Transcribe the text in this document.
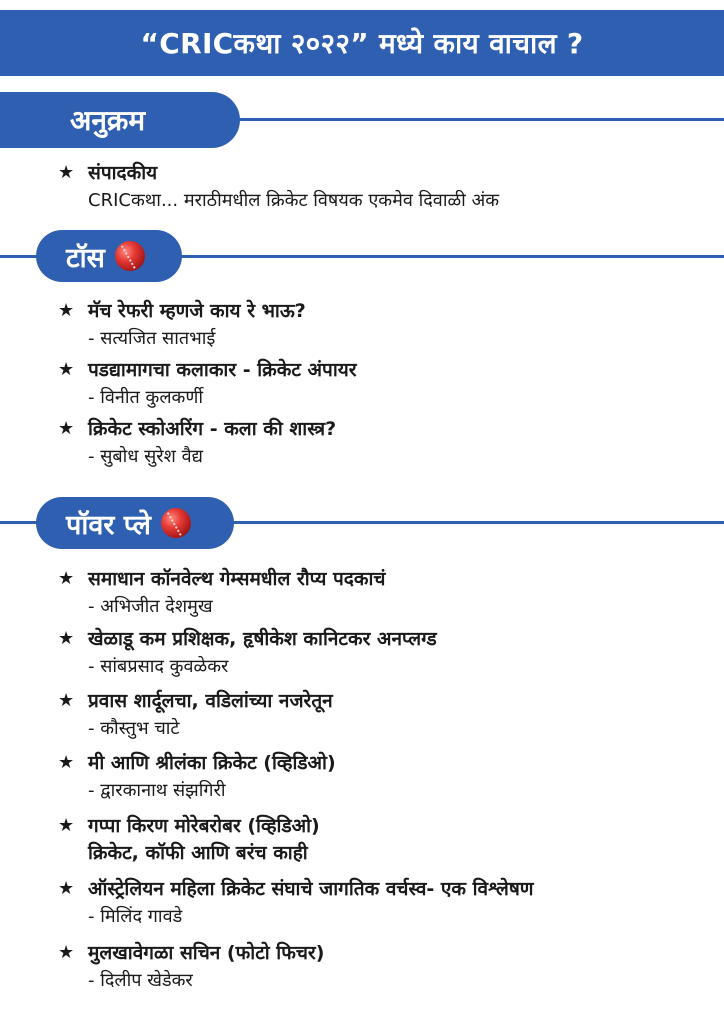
“CRICकथा २०२२” मध्ये काय वाचाल ?
अनुक्रम
★ संपादकीय
CRICकथा... मराठीमधील क्रिकेट विषयक एकमेव दिवाळी अंक
टॉस
★ मॅच रेफरी म्हणजे काय रे भाऊ?
- सत्यजित सातभाई
★ पडद्यामागचा कलाकार - क्रिकेट अंपायर
- विनीत कुलकर्णी
★ क्रिकेट स्कोअरिंग - कला की शास्त्र?
- सुबोध सुरेश वैद्य
पॉवर प्ले
★ समाधान कॉनवेल्थ गेम्समधील रौप्य पदकाचं
- अभिजीत देशमुख
★ खेळाडू कम प्रशिक्षक, हृषीकेश कानिटकर अनप्लग्ड
- सांबप्रसाद कुवळेकर
★ प्रवास शार्दूलचा, वडिलांच्या नजरेतून
- कौस्तुभ चाटे
★ मी आणि श्रीलंका क्रिकेट (व्हिडिओ)
- द्वारकानाथ संझगिरी
★ गप्पा किरण मोरेबरोबर (व्हिडिओ)
क्रिकेट, कॉफी आणि बरंच काही
★ ऑस्ट्रेलियन महिला क्रिकेट संघाचे जागतिक वर्चस्व- एक विश्लेषण
- मिलिंद गावडे
★ मुलखावेगळा सचिन (फोटो फिचर)
- दिलीप खेडेकर
